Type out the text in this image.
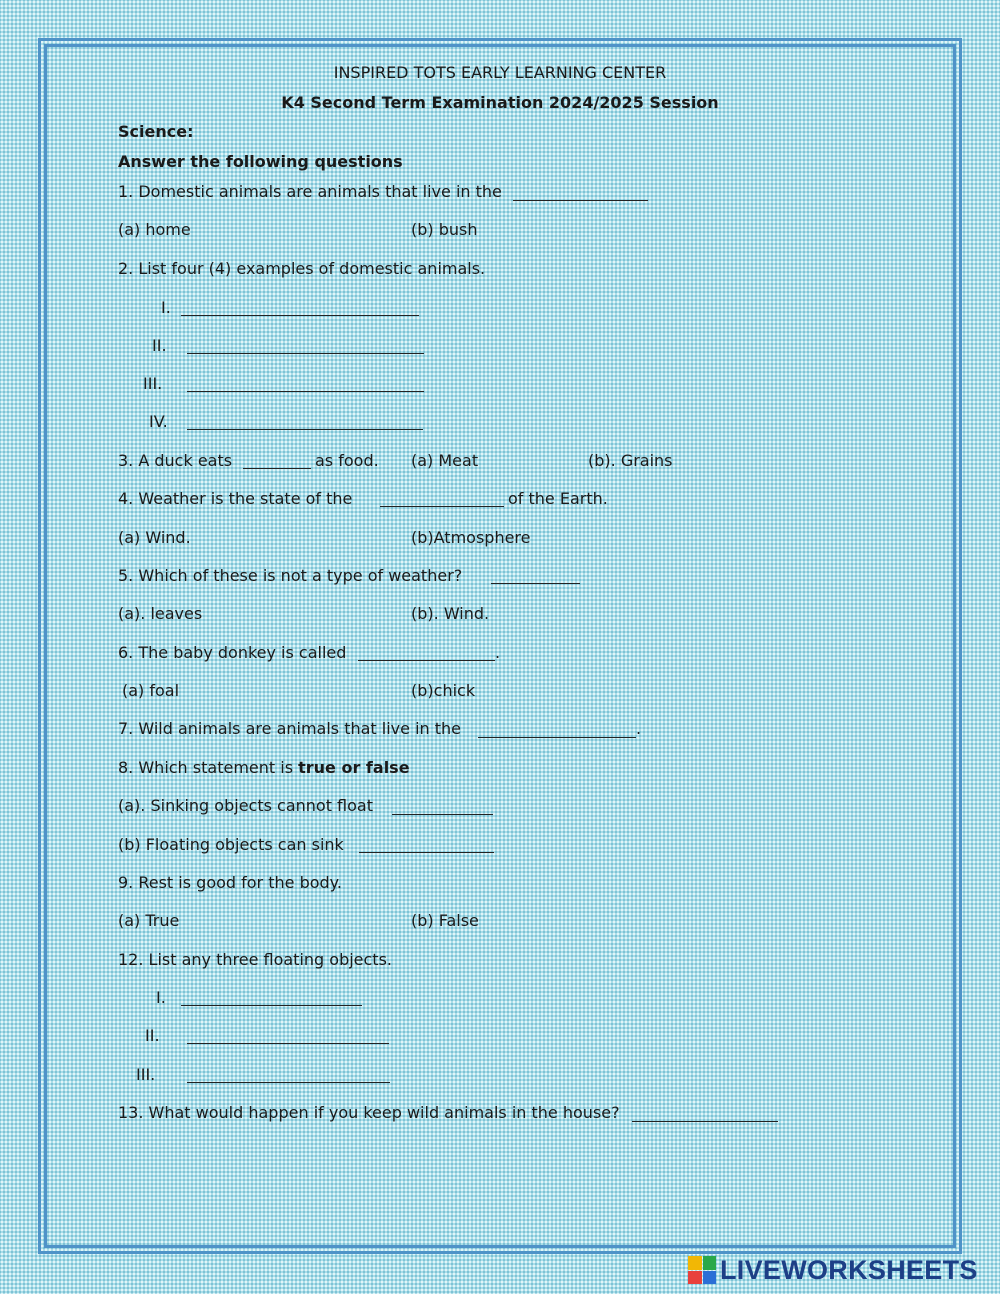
INSPIRED TOTS EARLY LEARNING CENTER
K4 Second Term Examination 2024/2025 Session
Science:
Answer the following questions
1. Domestic animals are animals that live in the
(a) home	(b) bush
2. List four (4) examples of domestic animals.
I.
II.
III.
IV.
3. A duck eats	as food. (a) Meat	(b). Grains
4. Weather is the state of the	of the Earth.
(a) Wind.	(b)Atmosphere
5. Which of these is not a type of weather?
(a). leaves	(b). Wind.
6. The baby donkey is called	.
(a) foal	(b)chick
7. Wild animals are animals that live in the	.
8. Which statement is true or false
(a). Sinking objects cannot float
(b) Floating objects can sink
9. Rest is good for the body.
(a) True	(b) False
12. List any three floating objects.
I.
II.
III.
13. What would happen if you keep wild animals in the house?
LIVEWORKSHEETS
